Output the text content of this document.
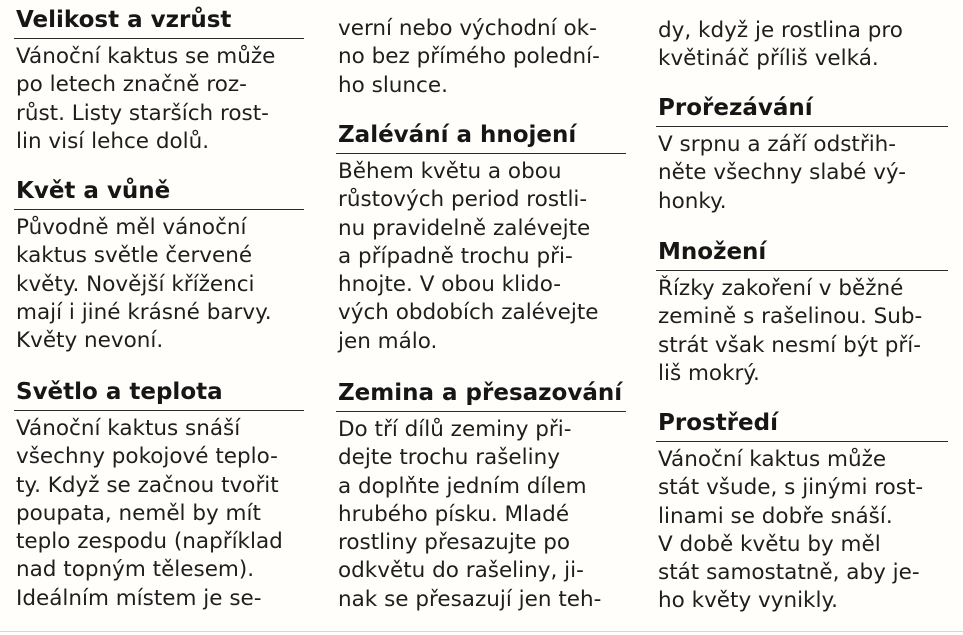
Velikost a vzrůst
Vánoční kaktus se může
po letech značně roz-
růst. Listy starších rost-
lin visí lehce dolů.
Květ a vůně
Původně měl vánoční
kaktus světle červené
květy. Novější kříženci
mají i jiné krásné barvy.
Květy nevoní.
Světlo a teplota
Vánoční kaktus snáší
všechny pokojové teplo-
ty. Když se začnou tvořit
poupata, neměl by mít
teplo zespodu (například
nad topným tělesem).
Ideálním místem je se-
verní nebo východní ok-
no bez přímého polední-
ho slunce.
Zalévání a hnojení
Během květu a obou
růstových period rostli-
nu pravidelně zalévejte
a případně trochu při-
hnojte. V obou klido-
vých obdobích zalévejte
jen málo.
Zemina a přesazování
Do tří dílů zeminy při-
dejte trochu rašeliny
a doplňte jedním dílem
hrubého písku. Mladé
rostliny přesazujte po
odkvětu do rašeliny, ji-
nak se přesazují jen teh-
dy, když je rostlina pro
květináč příliš velká.
Prořezávání
V srpnu a září odstřih-
něte všechny slabé vý-
honky.
Množení
Řízky zakoření v běžné
zemině s rašelinou. Sub-
strát však nesmí být pří-
liš mokrý.
Prostředí
Vánoční kaktus může
stát všude, s jinými rost-
linami se dobře snáší.
V době květu by měl
stát samostatně, aby je-
ho květy vynikly.
